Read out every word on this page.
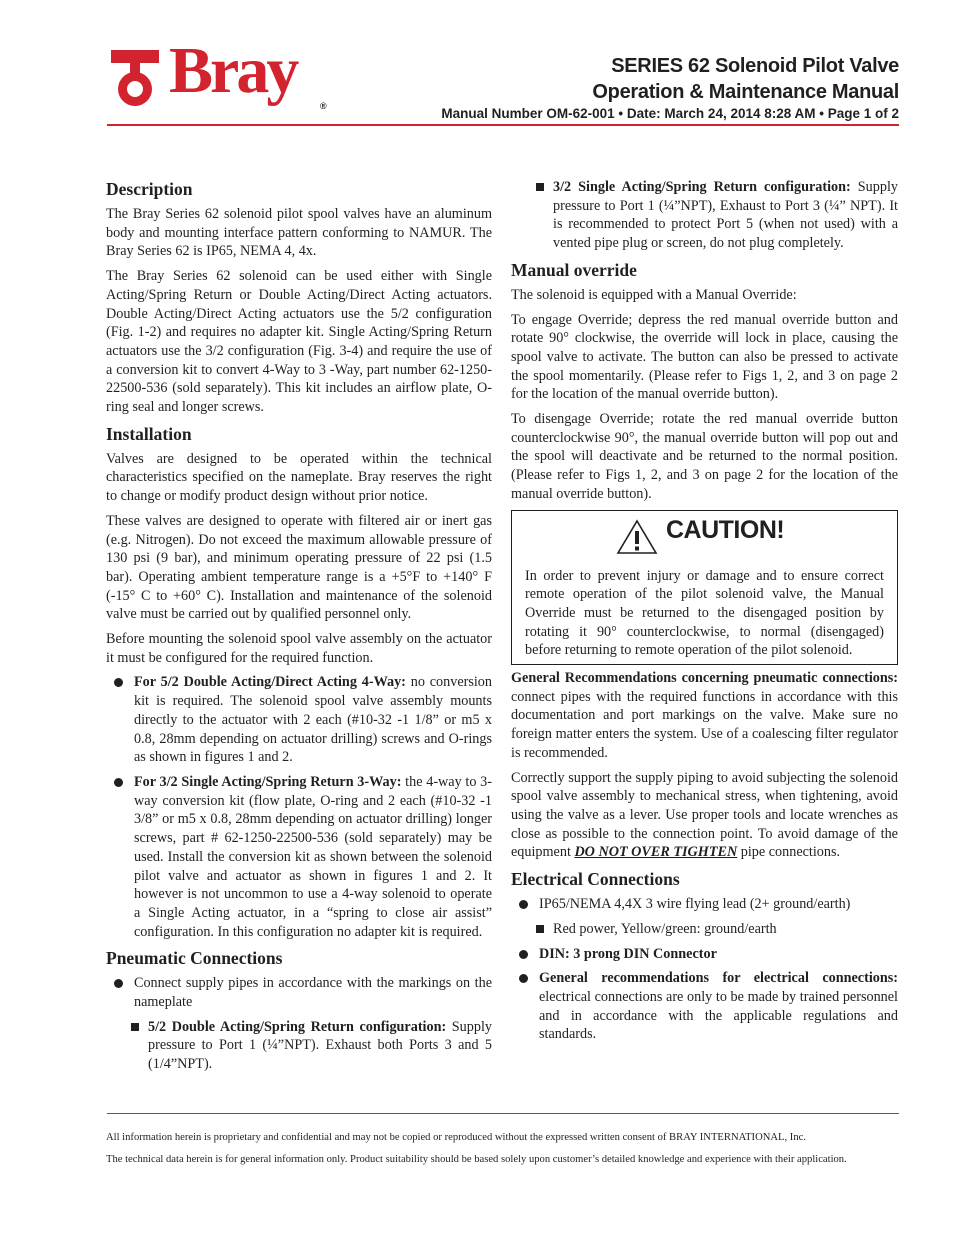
Bray	®
SERIES 62 Solenoid Pilot Valve
Operation & Maintenance Manual
Manual Number OM-62-001 • Date: March 24, 2014 8:28 AM • Page 1 of 2
Description

The Bray Series 62 solenoid pilot spool valves have an aluminum body and mounting interface pattern conforming to NAMUR. The Bray Series 62 is IP65, NEMA 4, 4x.

The Bray Series 62 solenoid can be used either with Single Acting/Spring Return or Double Acting/Direct Acting actuators. Double Acting/Direct Acting actuators use the 5/2 configuration (Fig. 1-2) and requires no adapter kit. Single Acting/Spring Return actuators use the 3/2 configuration (Fig. 3-4) and require the use of a conversion kit to convert 4-Way to 3 -Way, part number 62-1250-22500-536 (sold separately). This kit includes an airflow plate, O-ring seal and longer screws.

Installation

Valves are designed to be operated within the technical characteristics specified on the nameplate. Bray reserves the right to change or modify product design without prior notice.

These valves are designed to operate with filtered air or inert gas (e.g. Nitrogen). Do not exceed the maximum allowable pressure of 130 psi (9 bar), and minimum operating pressure of 22 psi (1.5 bar). Operating ambient temperature range is a +5°F to +140° F (-15° C to +60° C). Installation and maintenance of the solenoid valve must be carried out by qualified personnel only.

Before mounting the solenoid spool valve assembly on the actuator it must be configured for the required function.

For 5/2 Double Acting/Direct Acting 4-Way: no conversion kit is required. The solenoid spool valve assembly mounts directly to the actuator with 2 each (#10-32 -1 1/8” or m5 x 0.8, 28mm depending on actuator drilling) screws and O-rings as shown in figures 1 and 2.
For 3/2 Single Acting/Spring Return 3-Way: the 4-way to 3-way conversion kit (flow plate, O-ring and 2 each (#10-32 -1 3/8” or m5 x 0.8, 28mm depending on actuator drilling) longer screws, part # 62-1250-22500-536 (sold separately) may be used. Install the conversion kit as shown between the solenoid pilot valve and actuator as shown in figures 1 and 2. It however is not uncommon to use a 4-way solenoid to operate a Single Acting actuator, in a “spring to close air assist” configuration. In this configuration no adapter kit is required.
Pneumatic Connections
Connect supply pipes in accordance with the markings on the nameplate
5/2 Double Acting/Spring Return configuration: Supply pressure to Port 1 (¼”NPT). Exhaust both Ports 3 and 5 (1/4”NPT).
3/2 Single Acting/Spring Return configuration: Supply pressure to Port 1 (¼”NPT), Exhaust to Port 3 (¼” NPT). It is recommended to protect Port 5 (when not used) with a vented pipe plug or screen, do not plug completely.
Manual override

The solenoid is equipped with a Manual Override:

To engage Override; depress the red manual override button and rotate 90° clockwise, the override will lock in place, causing the spool valve to activate. The button can also be pressed to activate the spool momentarily. (Please refer to Figs 1, 2, and 3 on page 2 for the location of the manual override button).

To disengage Override; rotate the red manual override button counterclockwise 90°, the manual override button will pop out and the spool will deactivate and be returned to the normal position. (Please refer to Figs 1, 2, and 3 on page 2 for the location of the manual override button).

CAUTION!

In order to prevent injury or damage and to ensure correct remote operation of the pilot solenoid valve, the Manual Override must be returned to the disengaged position by rotating it 90° counterclockwise, to normal (disengaged) before returning to remote operation of the pilot solenoid.

General Recommendations concerning pneumatic connections: connect pipes with the required functions in accordance with this documentation and port markings on the valve. Make sure no foreign matter enters the system. Use of a coalescing filter regulator is recommended.

Correctly support the supply piping to avoid subjecting the solenoid spool valve assembly to mechanical stress, when tightening, avoid using the valve as a lever. Use proper tools and locate wrenches as close as possible to the connection point. To avoid damage of the equipment DO NOT OVER TIGHTEN pipe connections.

Electrical Connections
IP65/NEMA 4,4X 3 wire flying lead (2+ ground/earth)
Red power, Yellow/green: ground/earth
DIN: 3 prong DIN Connector
General recommendations for electrical connections: electrical connections are only to be made by trained personnel and in accordance with the applicable regulations and standards.
All information herein is proprietary and confidential and may not be copied or reproduced without the expressed written consent of BRAY INTERNATIONAL, Inc.
The technical data herein is for general information only. Product suitability should be based solely upon customer’s detailed knowledge and experience with their application.
